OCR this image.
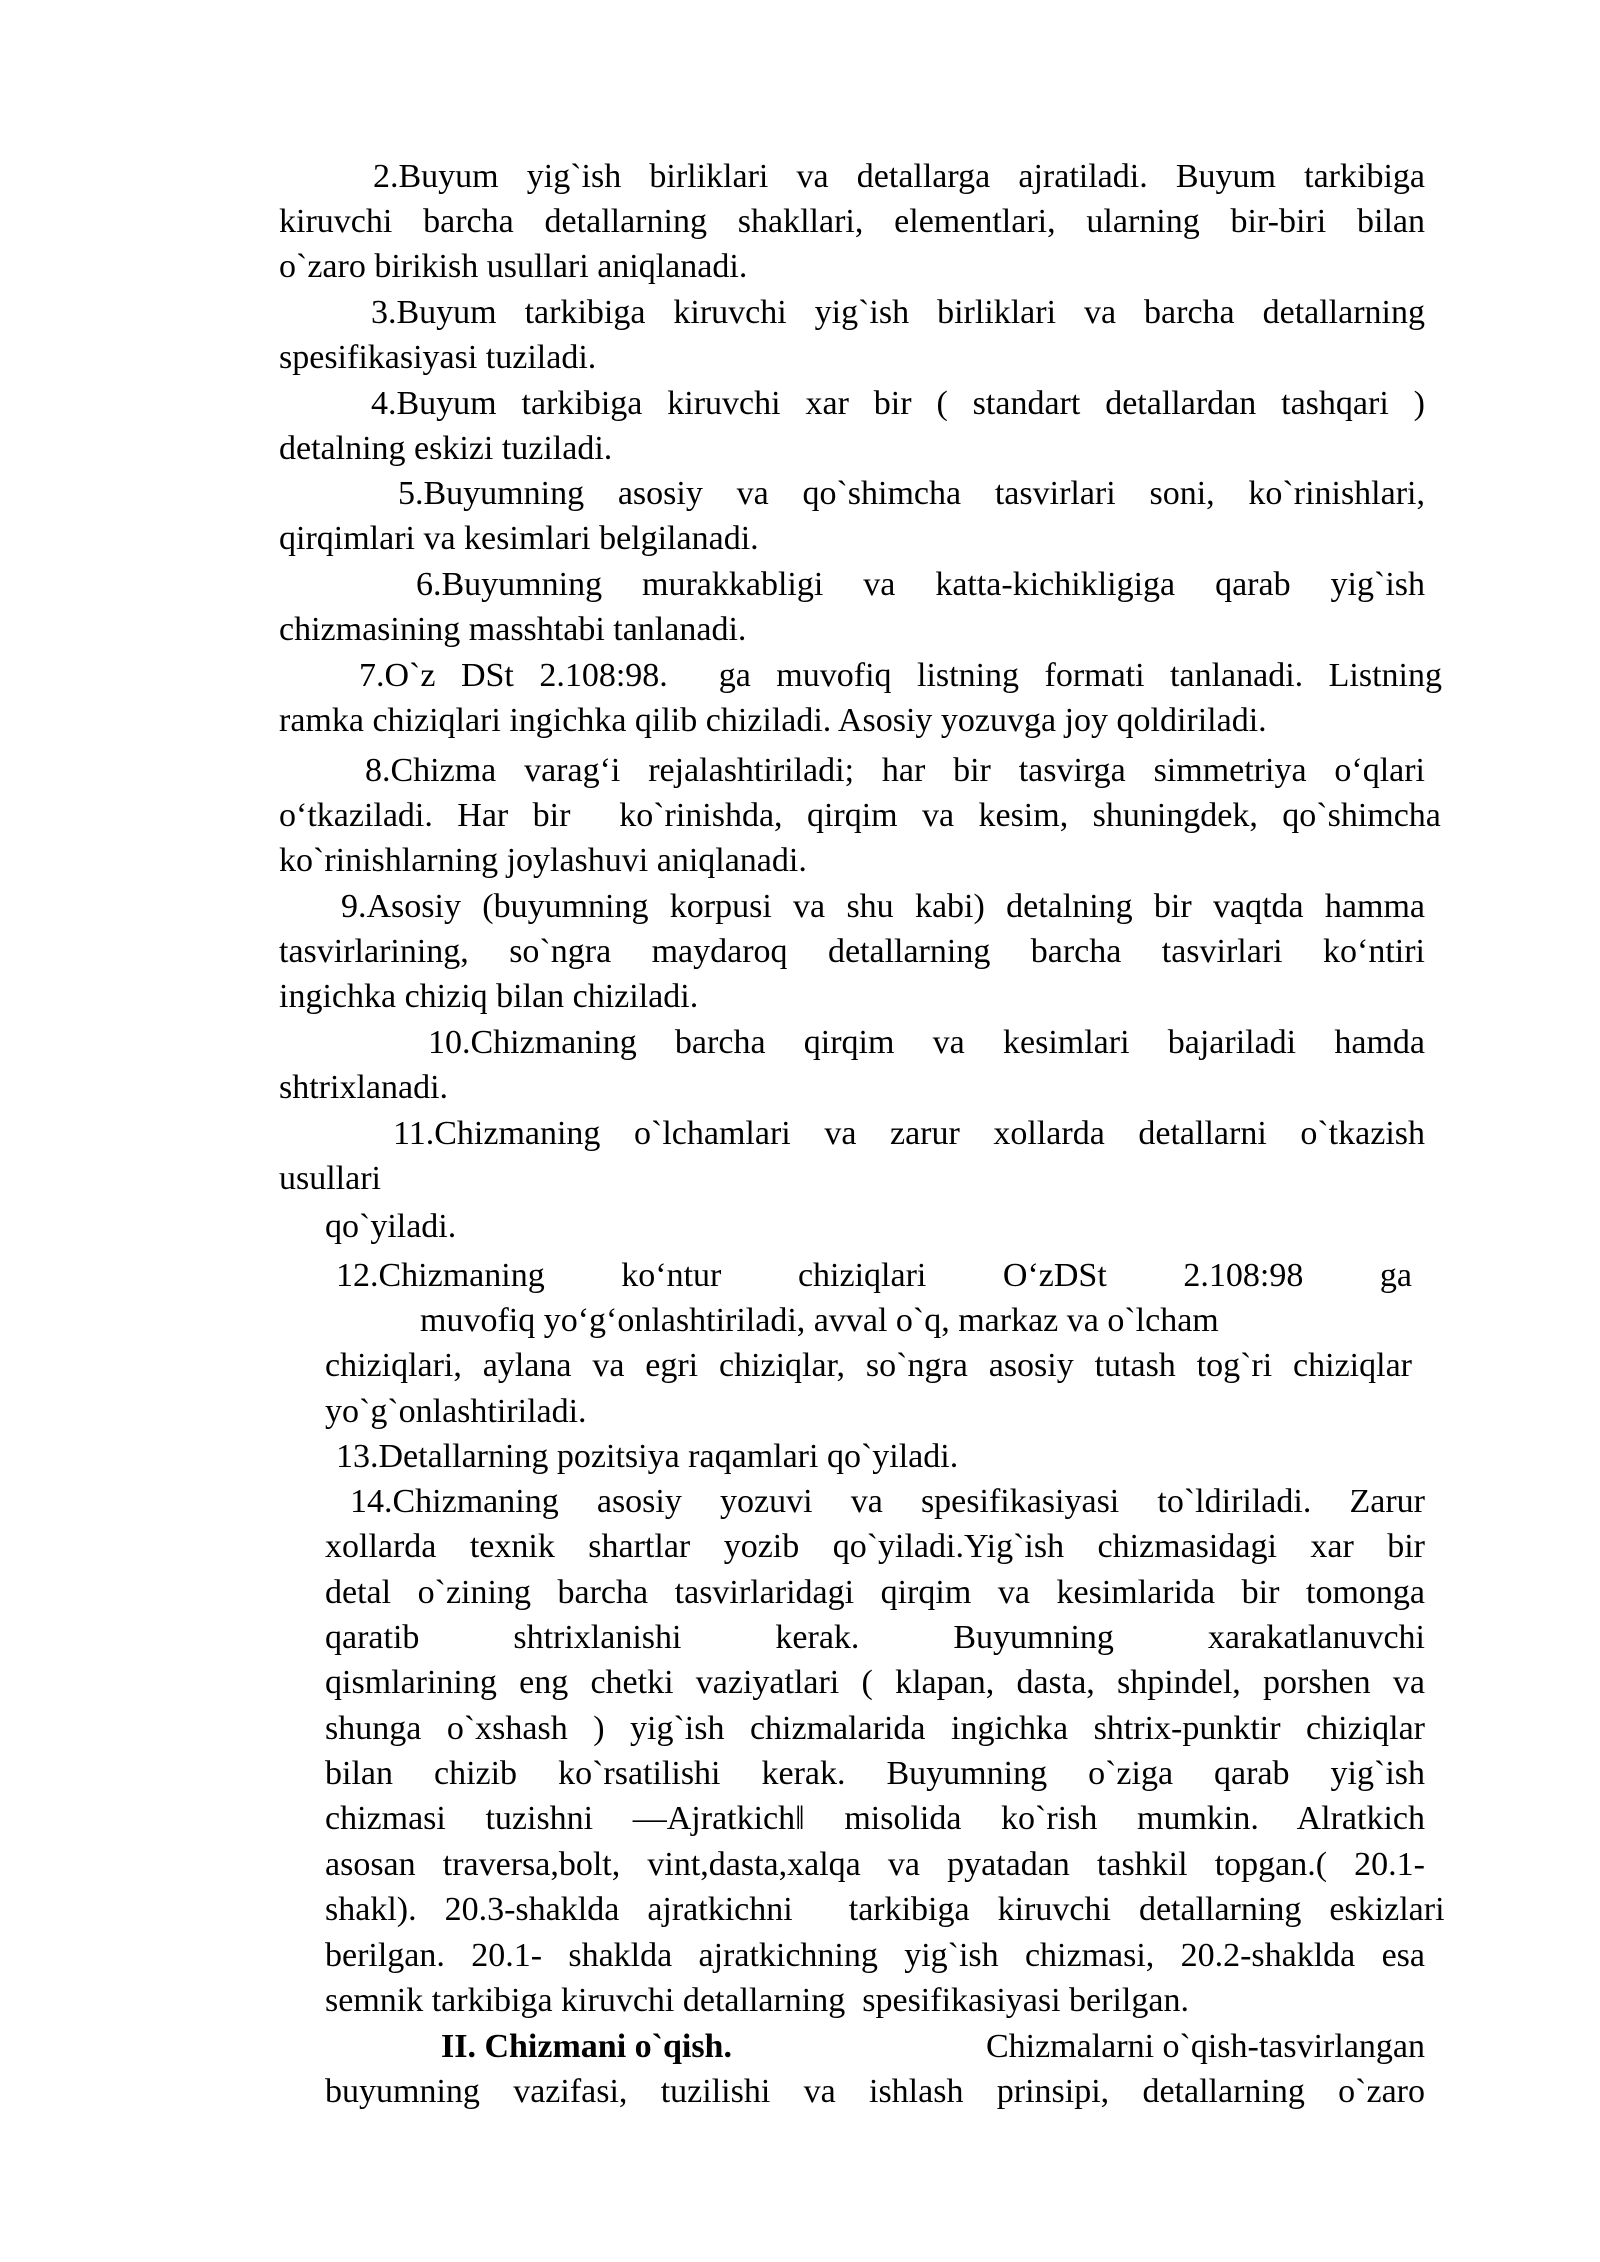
2.Buyum yig`ish birliklari va detallarga ajratiladi. Buyum tarkibiga
kiruvchi barcha detallarning shakllari, elementlari, ularning bir-biri bilan
o`zaro birikish usullari aniqlanadi.
3.Buyum tarkibiga kiruvchi yig`ish birliklari va barcha detallarning
spesifikasiyasi tuziladi.
4.Buyum tarkibiga kiruvchi xar bir ( standart detallardan tashqari )
detalning eskizi tuziladi.
5.Buyumning asosiy va qo`shimcha tasvirlari soni, ko`rinishlari,
qirqimlari va kesimlari belgilanadi.
6.Buyumning murakkabligi va katta-kichikligiga qarab yig`ish
chizmasining masshtabi tanlanadi.
7.O`z DSt 2.108:98.  ga muvofiq listning formati tanlanadi. Listning
ramka chiziqlari ingichka qilib chiziladi. Asosiy yozuvga joy qoldiriladi.
8.Chizma varag‘i rejalashtiriladi; har bir tasvirga simmetriya o‘qlari
o‘tkaziladi. Har bir  ko`rinishda, qirqim va kesim, shuningdek, qo`shimcha
ko`rinishlarning joylashuvi aniqlanadi.
9.Asosiy (buyumning korpusi va shu kabi) detalning bir vaqtda hamma
tasvirlarining, so`ngra maydaroq detallarning barcha tasvirlari ko‘ntiri
ingichka chiziq bilan chiziladi.
10.Chizmaning barcha qirqim va kesimlari bajariladi hamda
shtrixlanadi.
11.Chizmaning o`lchamlari va zarur xollarda detallarni o`tkazish
usullari
qo`yiladi.
12.Chizmaning ko‘ntur chiziqlari O‘zDSt 2.108:98 ga
muvofiq yo‘g‘onlashtiriladi, avval o`q, markaz va o`lcham
chiziqlari, aylana va egri chiziqlar, so`ngra asosiy tutash tog`ri chiziqlar
yo`g`onlashtiriladi.
13.Detallarning pozitsiya raqamlari qo`yiladi.
14.Chizmaning asosiy yozuvi va spesifikasiyasi to`ldiriladi. Zarur
xollarda texnik shartlar yozib qo`yiladi.Yig`ish chizmasidagi xar bir
detal o`zining barcha tasvirlaridagi qirqim va kesimlarida bir tomonga
qaratib shtrixlanishi kerak. Buyumning xarakatlanuvchi
qismlarining eng chetki vaziyatlari ( klapan, dasta, shpindel, porshen va
shunga o`xshash ) yig`ish chizmalarida ingichka shtrix-punktir chiziqlar
bilan chizib ko`rsatilishi kerak. Buyumning o`ziga qarab yig`ish
chizmasi tuzishni ―Ajratkich‖ misolida ko`rish mumkin. Alratkich
asosan traversa,bolt, vint,dasta,xalqa va pyatadan tashkil topgan.( 20.1-
shakl). 20.3-shaklda ajratkichni  tarkibiga kiruvchi detallarning eskizlari
berilgan. 20.1- shaklda ajratkichning yig`ish chizmasi, 20.2-shaklda esa
semnik tarkibiga kiruvchi detallarning  spesifikasiyasi berilgan.
II. Chizmani o`qish.	Chizmalarni o`qish-tasvirlangan
buyumning vazifasi, tuzilishi va ishlash prinsipi, detallarning o`zaro
